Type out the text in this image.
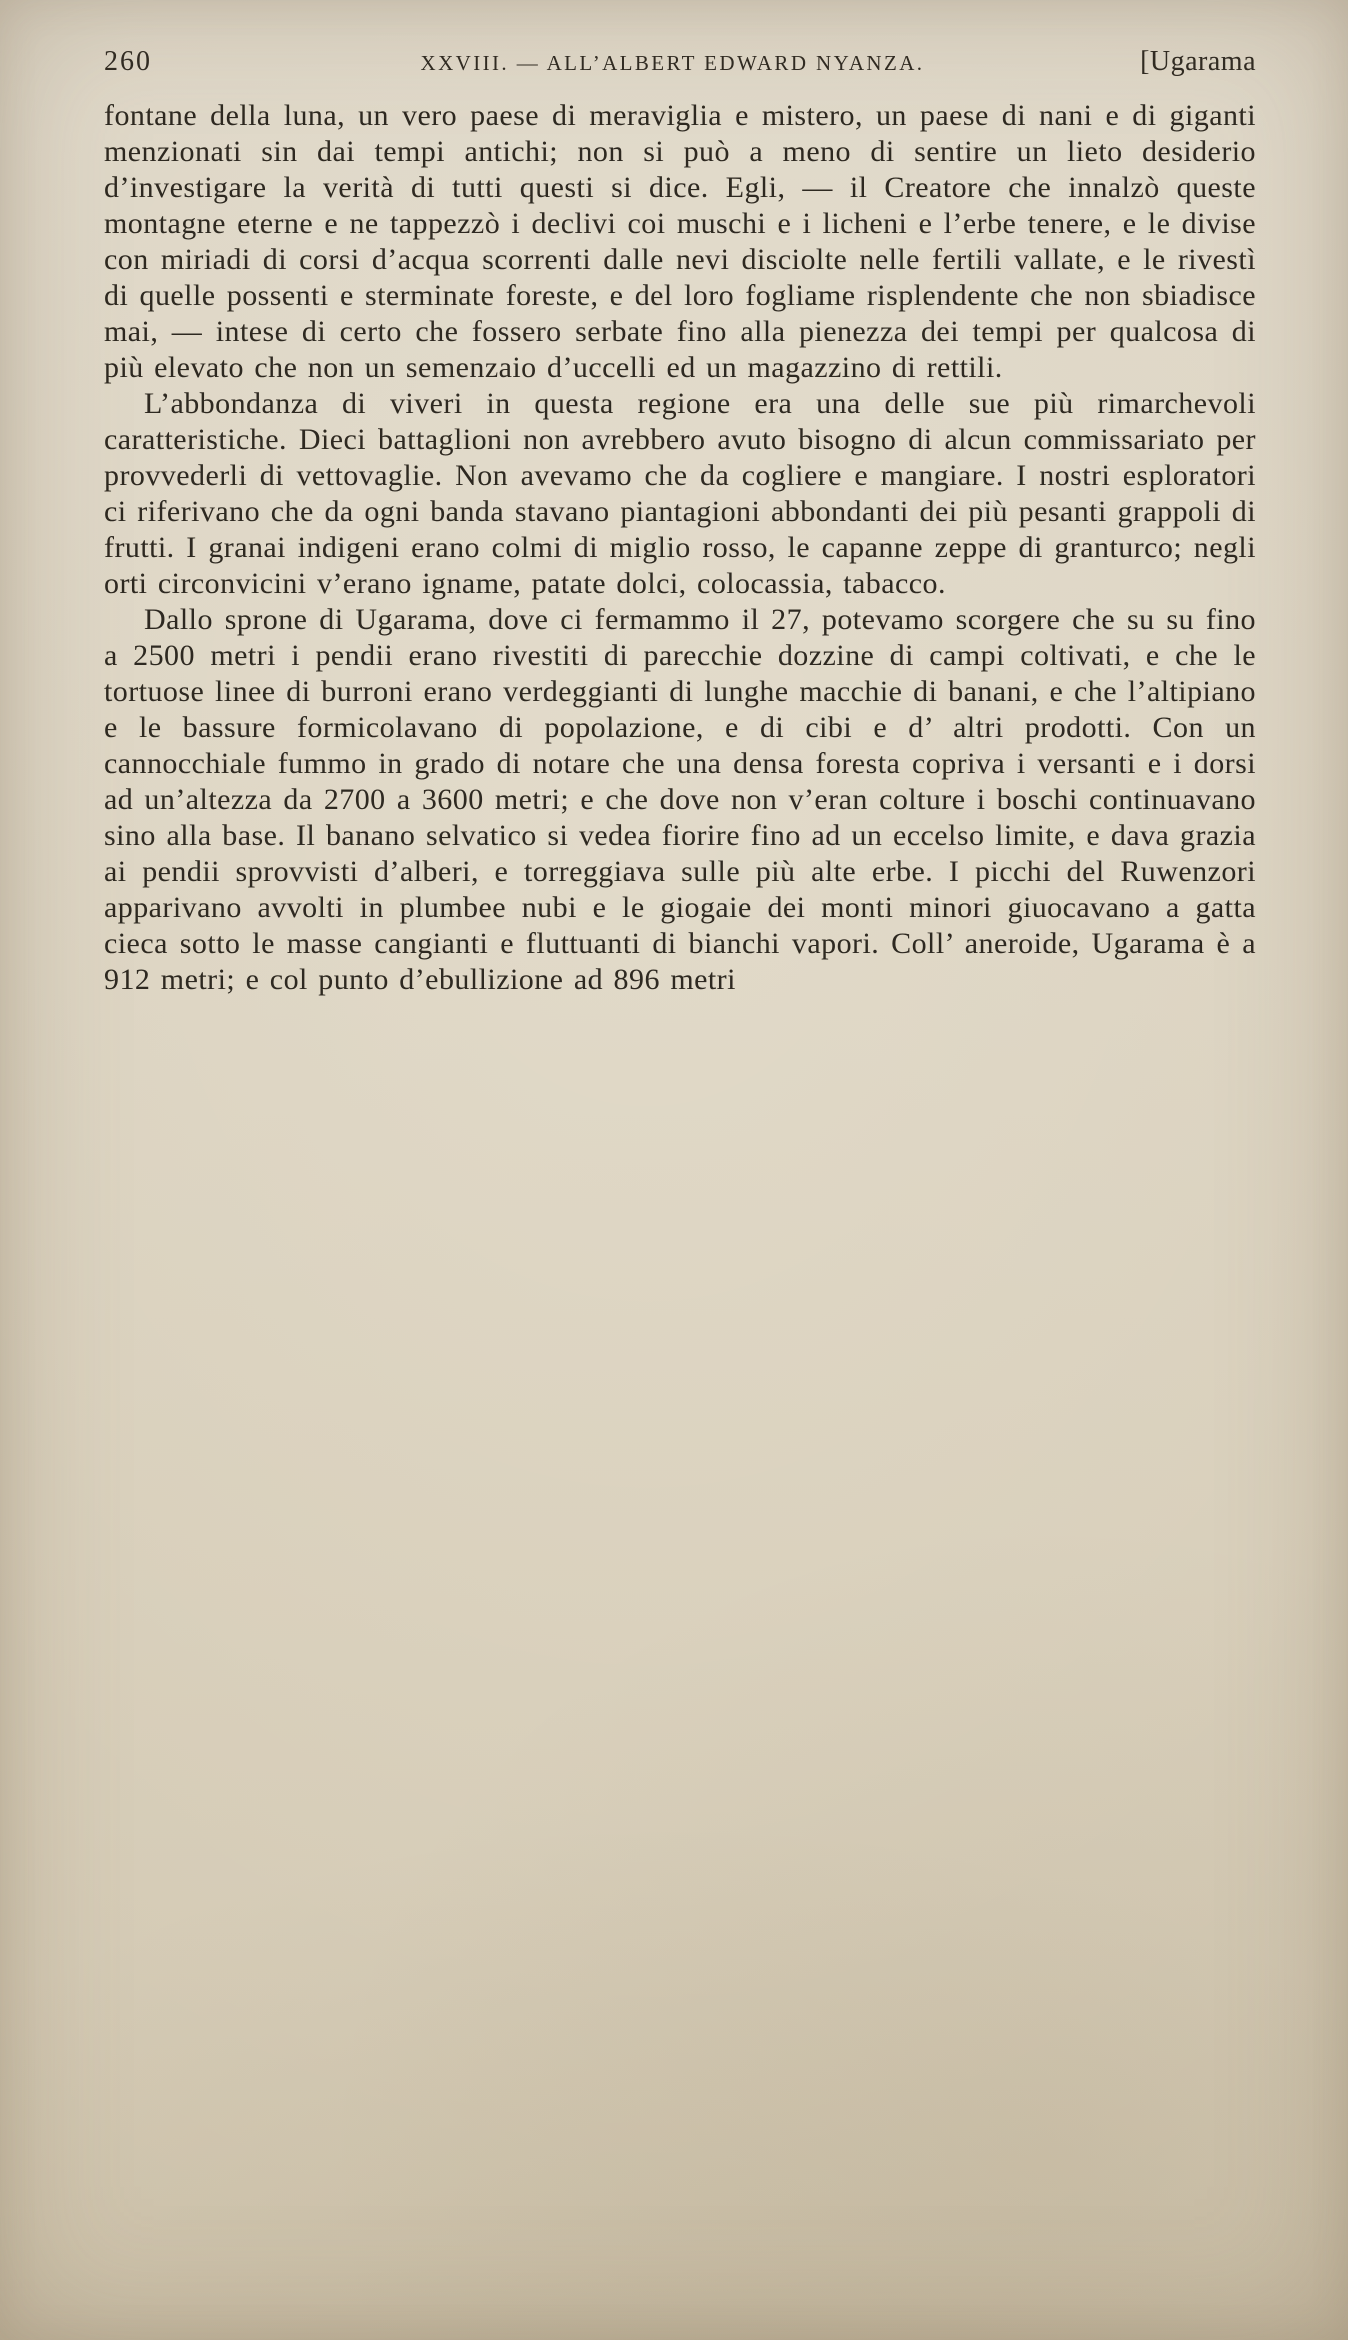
260	XXVIII. — ALL’ALBERT EDWARD NYANZA.	[Ugarama

fontane della luna, un vero paese di meraviglia e mistero, un paese di nani e di giganti menzionati sin dai tempi antichi; non si può a meno di sentire un lieto desiderio d’investigare la verità di tutti questi si dice. Egli, — il Creatore che innalzò queste montagne eterne e ne tappezzò i declivi coi muschi e i licheni e l’erbe tenere, e le divise con miriadi di corsi d’acqua scorrenti dalle nevi disciolte nelle fertili vallate, e le rivestì di quelle possenti e sterminate foreste, e del loro fogliame risplendente che non sbiadisce mai, — intese di certo che fossero serbate fino alla pienezza dei tempi per qualcosa di più elevato che non un semenzaio d’uccelli ed un magazzino di rettili.

L’abbondanza di viveri in questa regione era una delle sue più rimarchevoli caratteristiche. Dieci battaglioni non avrebbero avuto bisogno di alcun commissariato per provvederli di vettovaglie. Non avevamo che da cogliere e mangiare. I nostri esploratori ci riferivano che da ogni banda stavano piantagioni abbondanti dei più pesanti grappoli di frutti. I granai indigeni erano colmi di miglio rosso, le capanne zeppe di granturco; negli orti circonvicini v’erano igname, patate dolci, colocassia, tabacco.

Dallo sprone di Ugarama, dove ci fermammo il 27, potevamo scorgere che su su fino a 2500 metri i pendii erano rivestiti di parecchie dozzine di campi coltivati, e che le tortuose linee di burroni erano verdeggianti di lunghe macchie di banani, e che l’altipiano e le bassure formicolavano di popolazione, e di cibi e d’ altri prodotti. Con un cannocchiale fummo in grado di notare che una densa foresta copriva i versanti e i dorsi ad un’altezza da 2700 a 3600 metri; e che dove non v’eran colture i boschi continuavano sino alla base. Il banano selvatico si vedea fiorire fino ad un eccelso limite, e dava grazia ai pendii sprovvisti d’alberi, e torreggiava sulle più alte erbe. I picchi del Ruwenzori apparivano avvolti in plumbee nubi e le giogaie dei monti minori giuocavano a gatta cieca sotto le masse cangianti e fluttuanti di bianchi vapori. Coll’ aneroide, Ugarama è a 912 metri; e col punto d’ebullizione ad 896 metri
